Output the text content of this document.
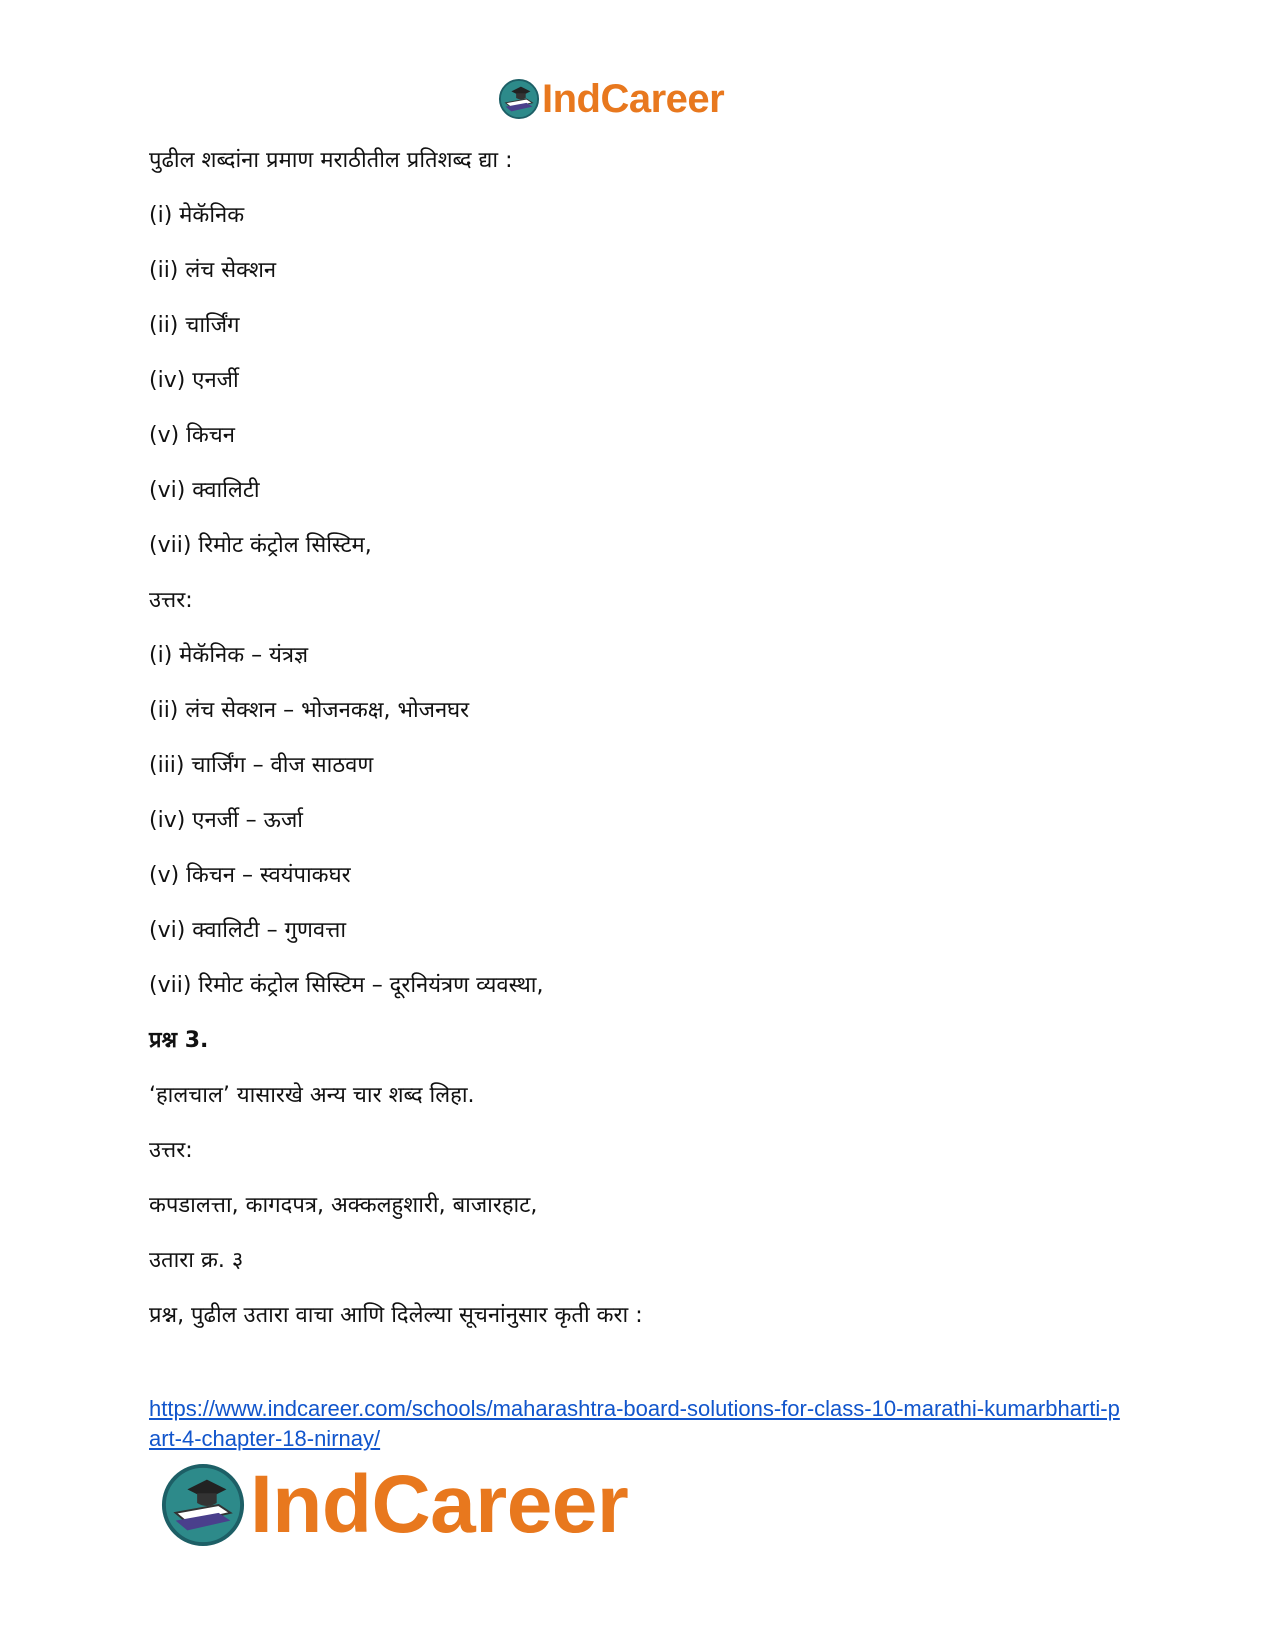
IndCareer
पुढील शब्दांना प्रमाण मराठीतील प्रतिशब्द द्या :
(i) मेकॅनिक
(ii) लंच सेक्शन
(ii) चार्जिंग
(iv) एनर्जी
(v) किचन
(vi) क्वालिटी
(vii) रिमोट कंट्रोल सिस्टिम,
उत्तर:
(i) मेकॅनिक – यंत्रज्ञ
(ii) लंच सेक्शन – भोजनकक्ष, भोजनघर
(iii) चार्जिंग – वीज साठवण
(iv) एनर्जी – ऊर्जा
(v) किचन – स्वयंपाकघर
(vi) क्वालिटी – गुणवत्ता
(vii) रिमोट कंट्रोल सिस्टिम – दूरनियंत्रण व्यवस्था,
प्रश्न 3.
‘हालचाल’ यासारखे अन्य चार शब्द लिहा.
उत्तर:
कपडालत्ता, कागदपत्र, अक्कलहुशारी, बाजारहाट,
उतारा क्र. ३
प्रश्न, पुढील उतारा वाचा आणि दिलेल्या सूचनांनुसार कृती करा :
https://www.indcareer.com/schools/maharashtra-board-solutions-for-class-10-marathi-kumarbharti-part-4-chapter-18-nirnay/
IndCareer
